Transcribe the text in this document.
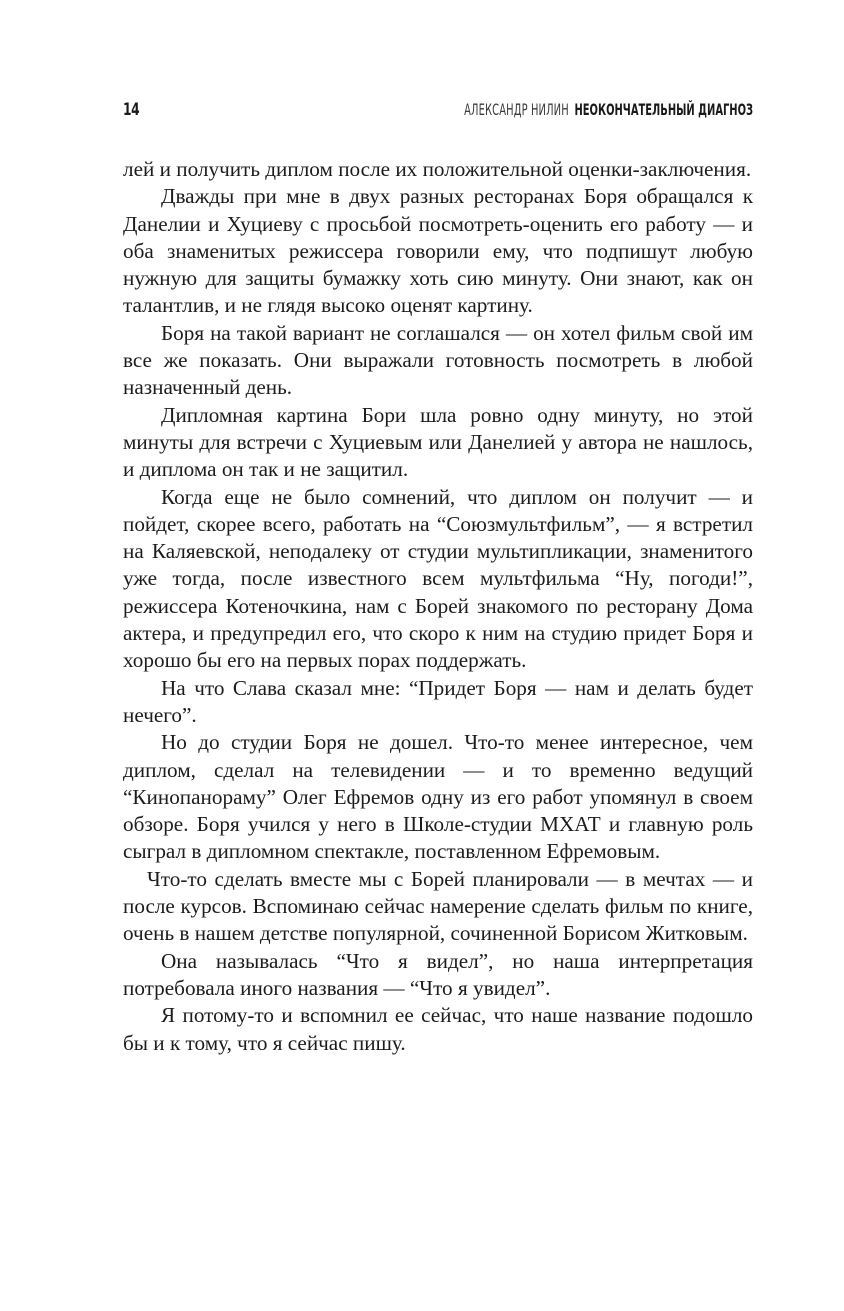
14	АЛЕКСАНДР НИЛИН НЕОКОНЧАТЕЛЬНЫЙ ДИАГНОЗ

лей и получить диплом после их положительной оценки-заключения.

Дважды при мне в двух разных ресторанах Боря обращался к Данелии и Хуциеву с просьбой посмотреть-оценить его работу — и оба знаменитых режиссера говорили ему, что подпишут любую нужную для защиты бумажку хоть сию минуту. Они знают, как он талантлив, и не глядя высоко оценят картину.

Боря на такой вариант не соглашался — он хотел фильм свой им все же показать. Они выражали готовность посмотреть в любой назначенный день.

Дипломная картина Бори шла ровно одну минуту, но этой минуты для встречи с Хуциевым или Данелией у автора не нашлось, и диплома он так и не защитил.

Когда еще не было сомнений, что диплом он получит — и пойдет, скорее всего, работать на “Союзмультфильм”, — я встретил на Каляевской, неподалеку от студии мультипликации, знаменитого уже тогда, после известного всем мультфильма “Ну, погоди!”, режиссера Котеночкина, нам с Борей знакомого по ресторану Дома актера, и предупредил его, что скоро к ним на студию придет Боря и хорошо бы его на первых порах поддержать.

На что Слава сказал мне: “Придет Боря — нам и делать будет нечего”.

Но до студии Боря не дошел. Что-то менее интересное, чем диплом, сделал на телевидении — и то временно ведущий “Кинопанораму” Олег Ефремов одну из его работ упомянул в своем обзоре. Боря учился у него в Школе-студии МХАТ и главную роль сыграл в дипломном спектакле, поставленном Ефремовым.

Что-то сделать вместе мы с Борей планировали — в мечтах — и после курсов. Вспоминаю сейчас намерение сделать фильм по книге, очень в нашем детстве популярной, сочиненной Борисом Житковым.

Она называлась “Что я видел”, но наша интерпретация потребовала иного названия — “Что я увидел”.

Я потому-то и вспомнил ее сейчас, что наше название подошло бы и к тому, что я сейчас пишу.
